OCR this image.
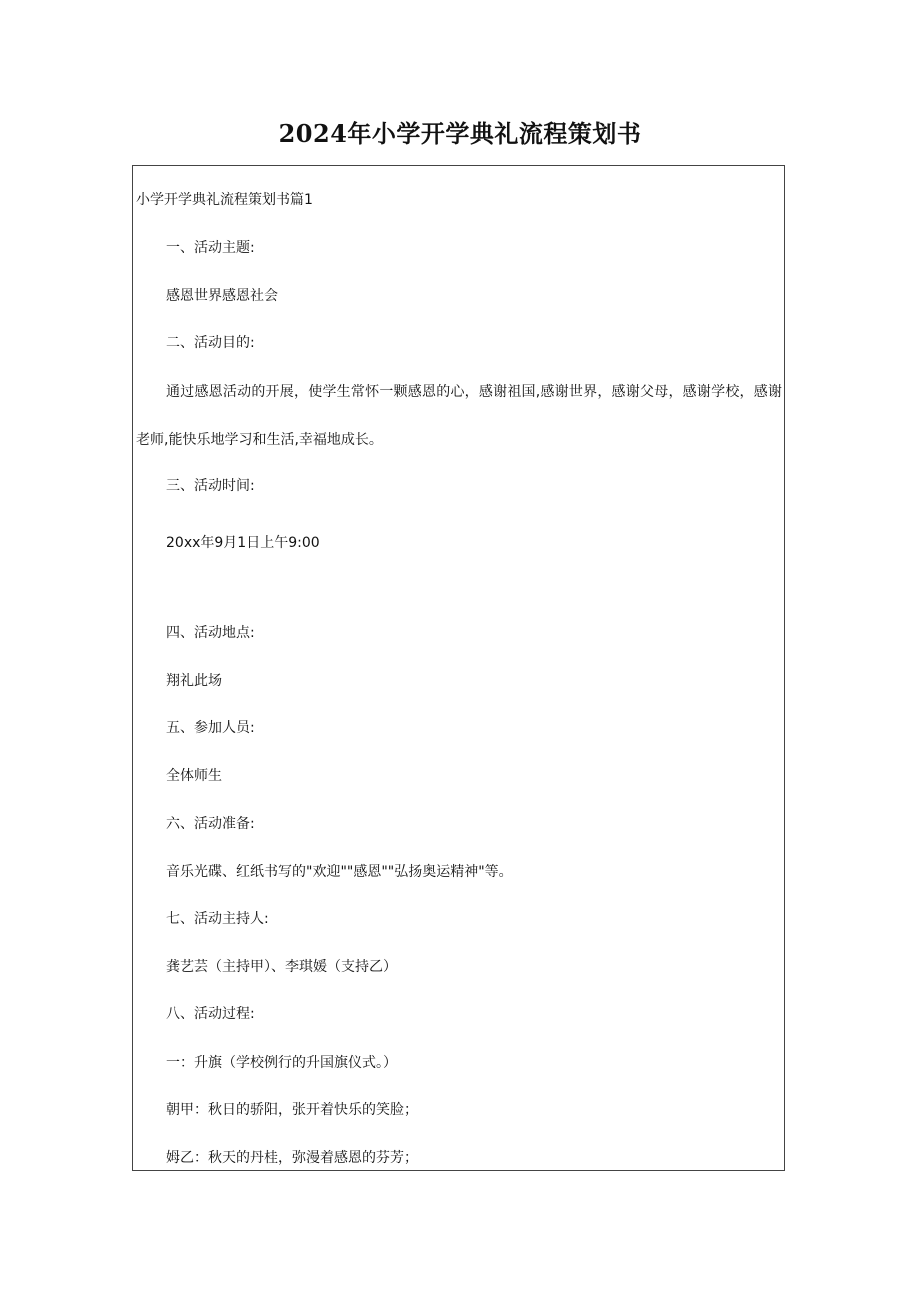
2024年小学开学典礼流程策划书
小学开学典礼流程策划书篇1
一、活动主题:
感恩世界感恩社会
二、活动目的:
通过感恩活动的开展，使学生常怀一颗感恩的心，感谢祖国,感谢世界，感谢父母，感谢学校，感谢老师,能快乐地学习和生活,幸福地成长。
三、活动时间:
20xx年9月1日上午9:00
四、活动地点:
翔礼此场
五、参加人员:
全体师生
六、活动准备:
音乐光碟、红纸书写的"欢迎""感恩""弘扬奥运精神"等。
七、活动主持人:
龚艺芸（主持甲）、李琪媛（支持乙）
八、活动过程:
一：升旗（学校例行的升国旗仪式。）
朝甲：秋日的骄阳，张开着快乐的笑脸；
姆乙：秋天的丹桂，弥漫着感恩的芬芳；
